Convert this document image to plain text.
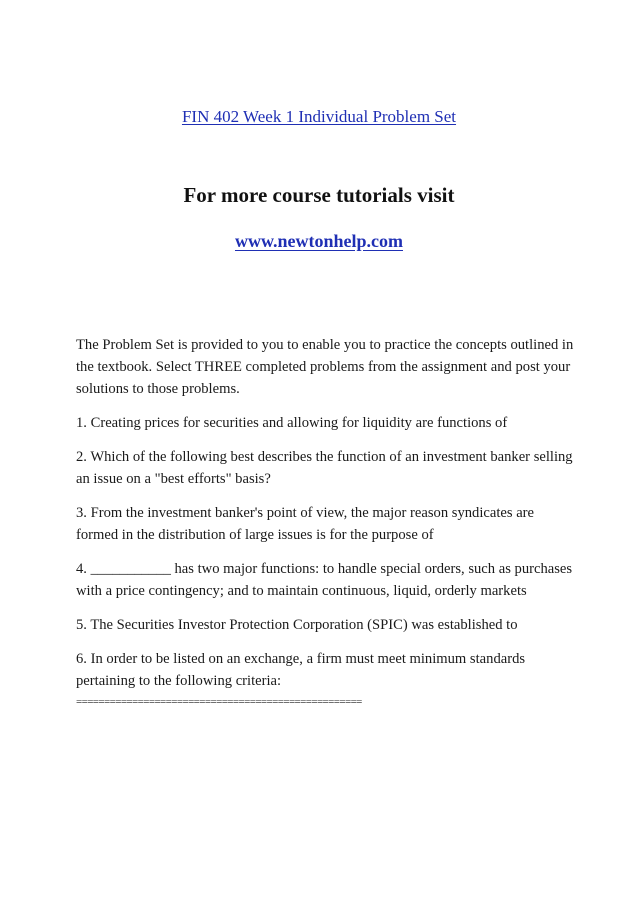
FIN 402 Week 1 Individual Problem Set
For more course tutorials visit
www.newtonhelp.com

The Problem Set is provided to you to enable you to practice the concepts outlined in the textbook. Select THREE completed problems from the assignment and post your solutions to those problems.

1. Creating prices for securities and allowing for liquidity are functions of

2. Which of the following best describes the function of an investment banker selling an issue on a "best efforts" basis?

3. From the investment banker's point of view, the major reason syndicates are formed in the distribution of large issues is for the purpose of

4. ___________ has two major functions: to handle special orders, such as purchases with a price contingency; and to maintain continuous, liquid, orderly markets

5. The Securities Investor Protection Corporation (SPIC) was established to

6. In order to be listed on an exchange, a firm must meet minimum standards pertaining to the following criteria:

===================================================
